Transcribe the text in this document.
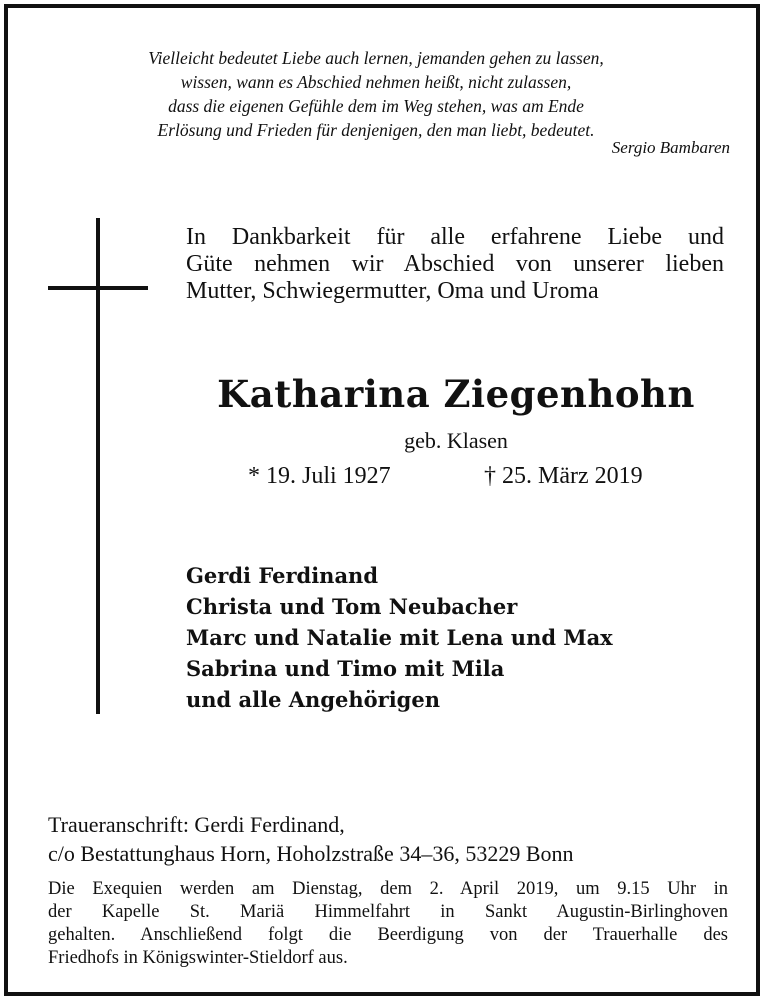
Vielleicht bedeutet Liebe auch lernen, jemanden gehen zu lassen,
wissen, wann es Abschied nehmen heißt, nicht zulassen,
dass die eigenen Gefühle dem im Weg stehen, was am Ende
Erlösung und Frieden für denjenigen, den man liebt, bedeutet.
Sergio Bambaren
In Dankbarkeit für alle erfahrene Liebe und
Güte nehmen wir Abschied von unserer lieben
Mutter, Schwiegermutter, Oma und Uroma
Katharina Ziegenhohn
geb. Klasen
* 19. Juli 1927	† 25. März 2019
Gerdi Ferdinand
Christa und Tom Neubacher
Marc und Natalie mit Lena und Max
Sabrina und Timo mit Mila
und alle Angehörigen
Traueranschrift: Gerdi Ferdinand,
c/o Bestattunghaus Horn, Hoholzstraße 34–36, 53229 Bonn
Die Exequien werden am Dienstag, dem 2. April 2019, um 9.15 Uhr in
der Kapelle St. Mariä Himmelfahrt in Sankt Augustin-Birlinghoven
gehalten. Anschließend folgt die Beerdigung von der Trauerhalle des
Friedhofs in Königswinter-Stieldorf aus.
